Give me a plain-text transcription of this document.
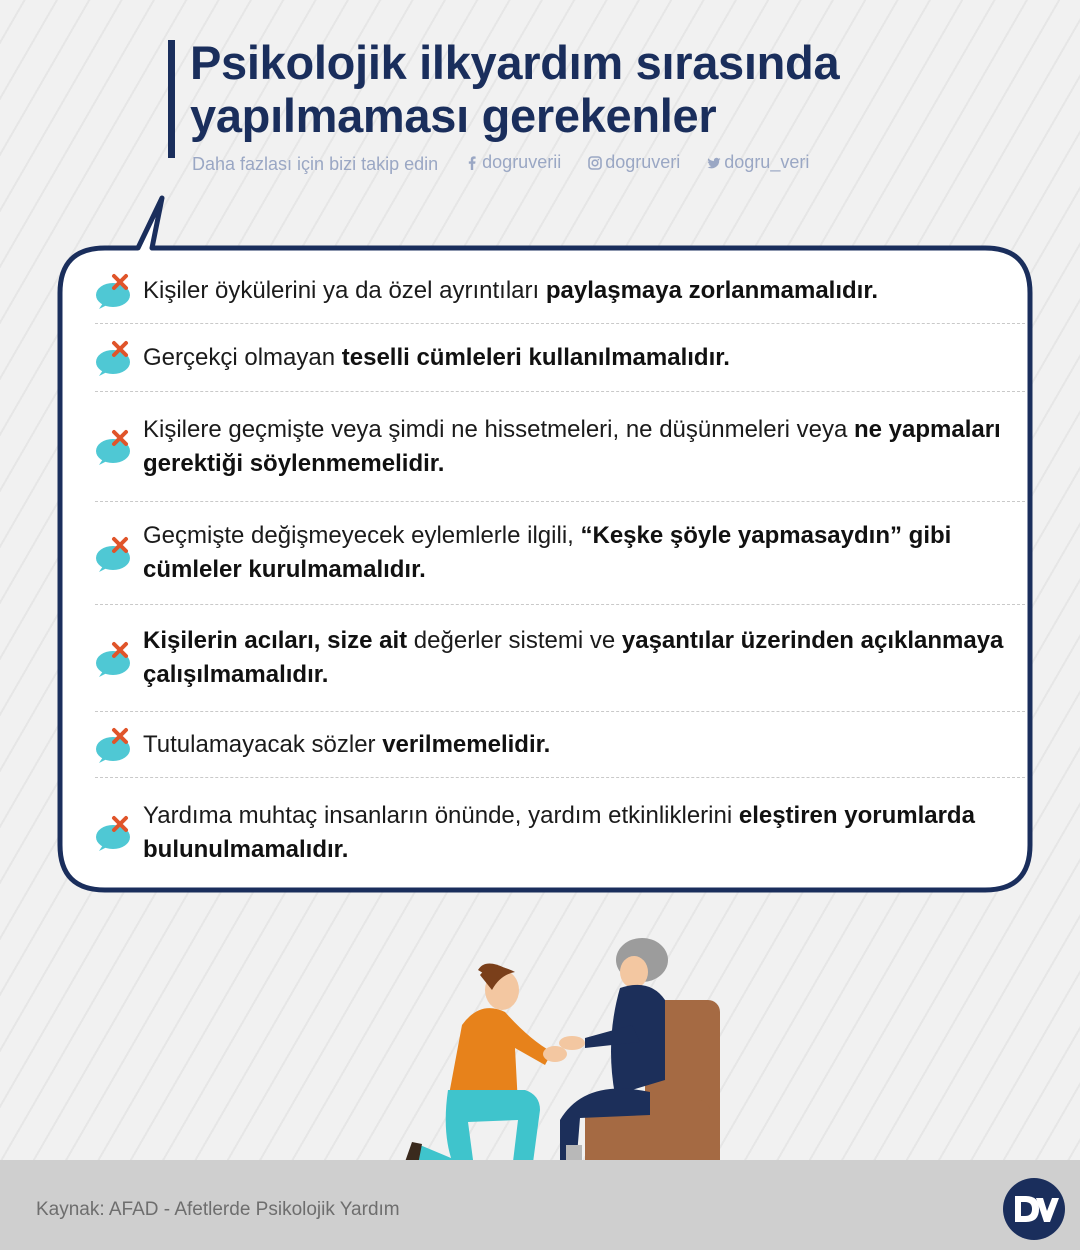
Psikolojik ilkyardım sırasında
yapılmaması gerekenler
Daha fazlası için bizi takip edin dogruverii
dogruveri
dogru_veri
Kişiler öykülerini ya da özel ayrıntıları paylaşmaya zorlanmamalıdır.
Gerçekçi olmayan teselli cümleleri kullanılmamalıdır.
Kişilere geçmişte veya şimdi ne hissetmeleri, ne düşünmeleri veya ne yapmaları gerektiği söylenmemelidir.
Geçmişte değişmeyecek eylemlerle ilgili, “Keşke şöyle yapmasaydın” gibi cümleler kurulmamalıdır.
Kişilerin acıları, size ait değerler sistemi ve yaşantılar üzerinden açıklanmaya çalışılmamalıdır.
Tutulamayacak sözler verilmemelidir.
Yardıma muhtaç insanların önünde, yardım etkinliklerini eleştiren yorumlarda bulunulmamalıdır.
Kaynak: AFAD - Afetlerde Psikolojik Yardım
